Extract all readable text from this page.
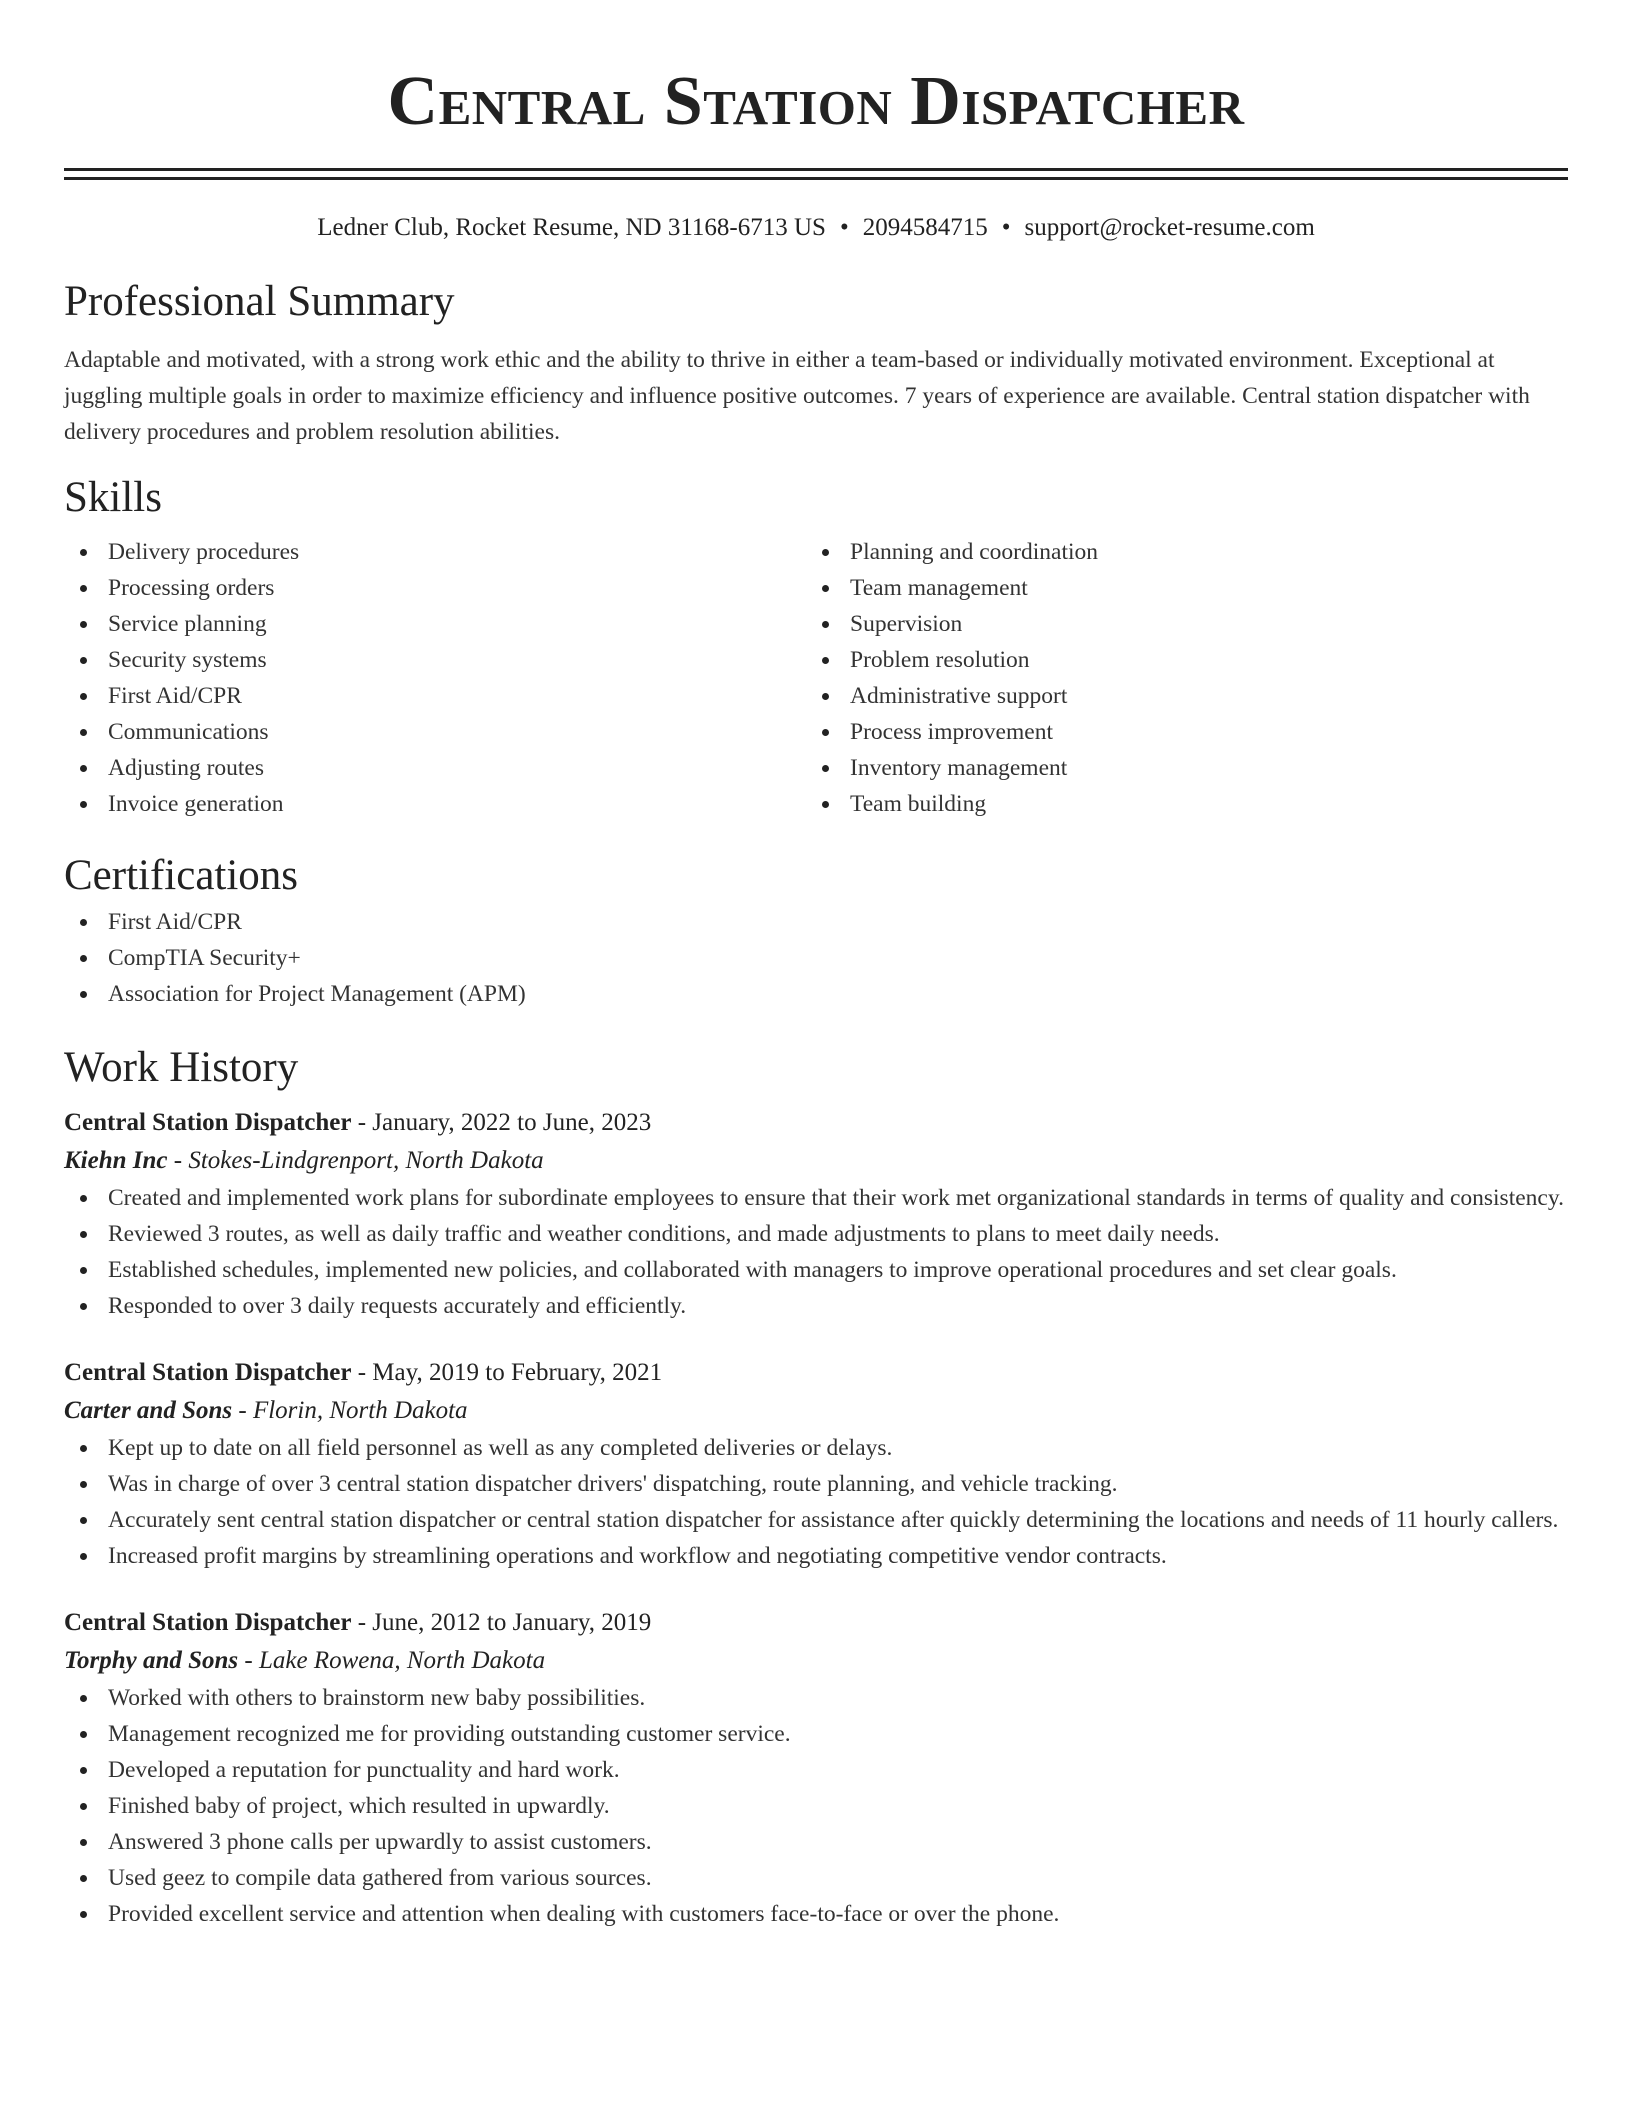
Central Station Dispatcher
Ledner Club, Rocket Resume, ND 31168-6713 US • 2094584715 • support@rocket-resume.com
Professional Summary
Adaptable and motivated, with a strong work ethic and the ability to thrive in either a team-based or individually motivated environment. Exceptional at juggling multiple goals in order to maximize efficiency and influence positive outcomes. 7 years of experience are available. Central station dispatcher with delivery procedures and problem resolution abilities.
Skills
Delivery procedures
Processing orders
Service planning
Security systems
First Aid/CPR
Communications
Adjusting routes
Invoice generation
Planning and coordination
Team management
Supervision
Problem resolution
Administrative support
Process improvement
Inventory management
Team building
Certifications
First Aid/CPR
CompTIA Security+
Association for Project Management (APM)
Work History
Central Station Dispatcher - January, 2022 to June, 2023
Kiehn Inc - Stokes-Lindgrenport, North Dakota
Created and implemented work plans for subordinate employees to ensure that their work met organizational standards in terms of quality and consistency.
Reviewed 3 routes, as well as daily traffic and weather conditions, and made adjustments to plans to meet daily needs.
Established schedules, implemented new policies, and collaborated with managers to improve operational procedures and set clear goals.
Responded to over 3 daily requests accurately and efficiently.
Central Station Dispatcher - May, 2019 to February, 2021
Carter and Sons - Florin, North Dakota
Kept up to date on all field personnel as well as any completed deliveries or delays.
Was in charge of over 3 central station dispatcher drivers' dispatching, route planning, and vehicle tracking.
Accurately sent central station dispatcher or central station dispatcher for assistance after quickly determining the locations and needs of 11 hourly callers.
Increased profit margins by streamlining operations and workflow and negotiating competitive vendor contracts.
Central Station Dispatcher - June, 2012 to January, 2019
Torphy and Sons - Lake Rowena, North Dakota
Worked with others to brainstorm new baby possibilities.
Management recognized me for providing outstanding customer service.
Developed a reputation for punctuality and hard work.
Finished baby of project, which resulted in upwardly.
Answered 3 phone calls per upwardly to assist customers.
Used geez to compile data gathered from various sources.
Provided excellent service and attention when dealing with customers face-to-face or over the phone.
